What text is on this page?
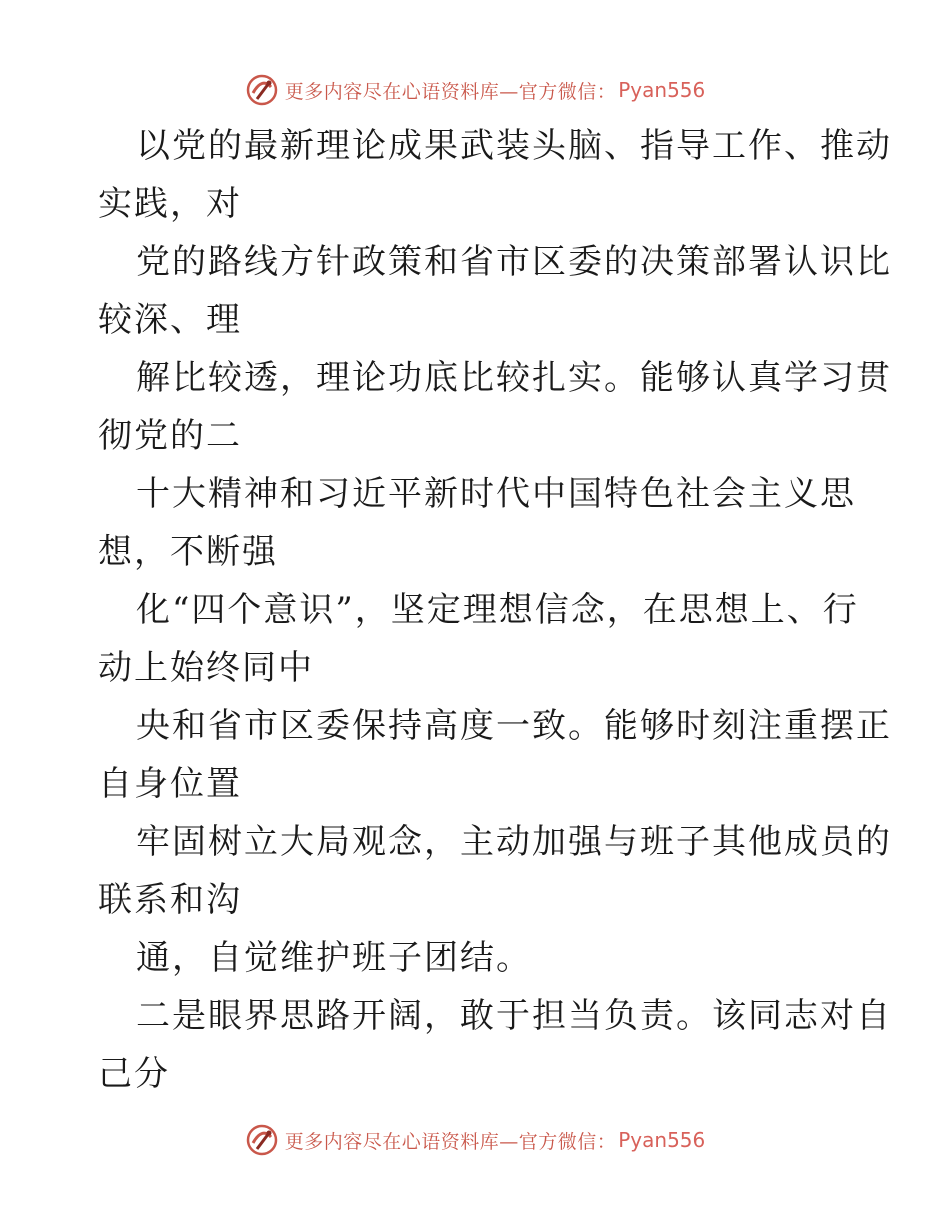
更多内容尽在心语资料库—官方微信： Pyan556
以党的最新理论成果武装头脑、指导工作、推动
实践，对
党的路线方针政策和省市区委的决策部署认识比
较深、理
解比较透，理论功底比较扎实。能够认真学习贯
彻党的二
十大精神和习近平新时代中国特色社会主义思
想，不断强
化“四个意识”，坚定理想信念，在思想上、行
动上始终同中
央和省市区委保持高度一致。能够时刻注重摆正
自身位置
牢固树立大局观念，主动加强与班子其他成员的
联系和沟
通，自觉维护班子团结。
二是眼界思路开阔，敢于担当负责。该同志对自
己分
更多内容尽在心语资料库—官方微信： Pyan556
